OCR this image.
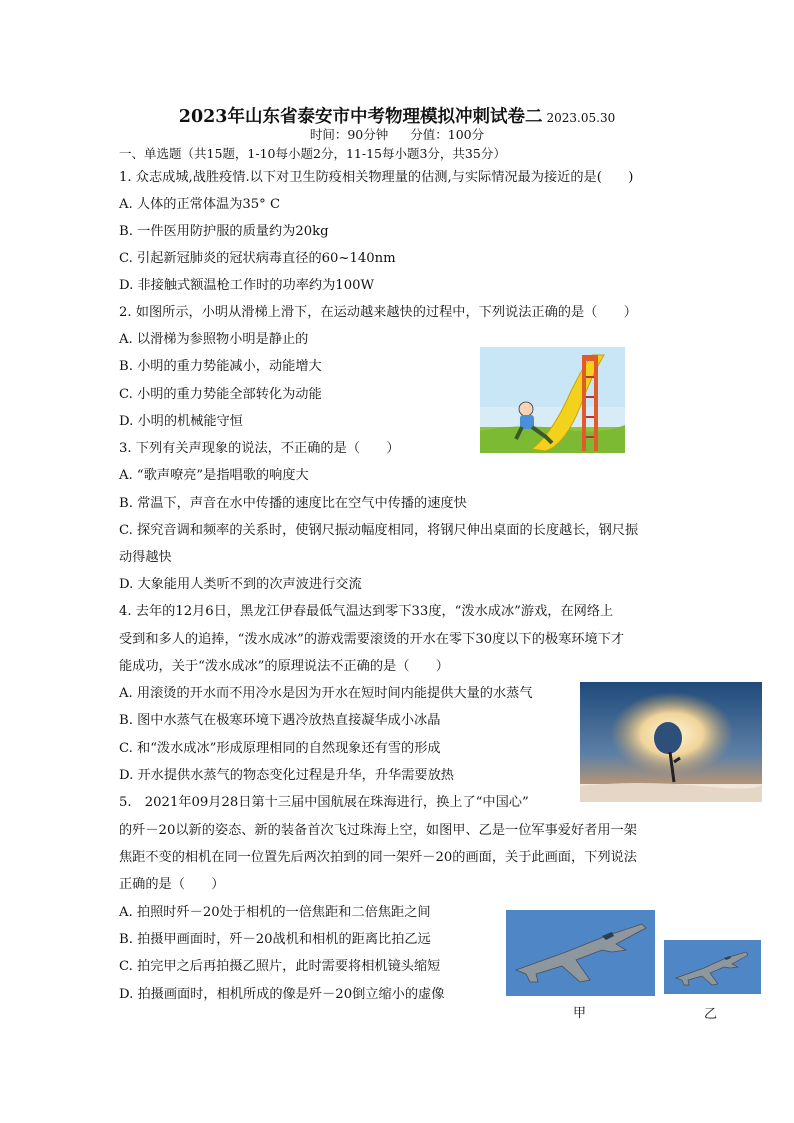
2023年山东省泰安市中考物理模拟冲刺试卷二 2023.05.30
时间：90分钟 分值：100分
一、单选题（共15题，1-10每小题2分，11-15每小题3分，共35分）
1. 众志成城,战胜疫情.以下对卫生防疫相关物理量的估测,与实际情况最为接近的是(　　)
A. 人体的正常体温为35° C
B. 一件医用防护服的质量约为20kg
C. 引起新冠肺炎的冠状病毒直径的60~140nm
D. 非接触式额温枪工作时的功率约为100W
2. 如图所示，小明从滑梯上滑下，在运动越来越快的过程中，下列说法正确的是（　　）
A. 以滑梯为参照物小明是静止的
B. 小明的重力势能减小，动能增大
C. 小明的重力势能全部转化为动能
D. 小明的机械能守恒
3. 下列有关声现象的说法，不正确的是（　　）
A. “歌声嘹亮”是指唱歌的响度大
B. 常温下，声音在水中传播的速度比在空气中传播的速度快
C. 探究音调和频率的关系时，使钢尺振动幅度相同，将钢尺伸出桌面的长度越长，钢尺振
动得越快
D. 大象能用人类听不到的次声波进行交流
4. 去年的12月6日，黑龙江伊春最低气温达到零下33度，“泼水成冰”游戏，在网络上
受到和多人的追捧，“泼水成冰”的游戏需要滚烫的开水在零下30度以下的极寒环境下才
能成功，关于“泼水成冰”的原理说法不正确的是（　　）
A. 用滚烫的开水而不用冷水是因为开水在短时间内能提供大量的水蒸气
B. 图中水蒸气在极寒环境下遇冷放热直接凝华成小冰晶
C. 和“泼水成冰”形成原理相同的自然现象还有雪的形成
D. 开水提供水蒸气的物态变化过程是升华，升华需要放热
5.　2021年09月28日第十三届中国航展在珠海进行，换上了“中国心”
的歼－20以新的姿态、新的装备首次飞过珠海上空，如图甲、乙是一位军事爱好者用一架
焦距不变的相机在同一位置先后两次拍到的同一架歼－20的画面，关于此画面，下列说法
正确的是（　　）
A. 拍照时歼－20处于相机的一倍焦距和二倍焦距之间
B. 拍摄甲画面时，歼－20战机和相机的距离比拍乙远
C. 拍完甲之后再拍摄乙照片，此时需要将相机镜头缩短
D. 拍摄画面时，相机所成的像是歼－20倒立缩小的虚像
甲	乙
